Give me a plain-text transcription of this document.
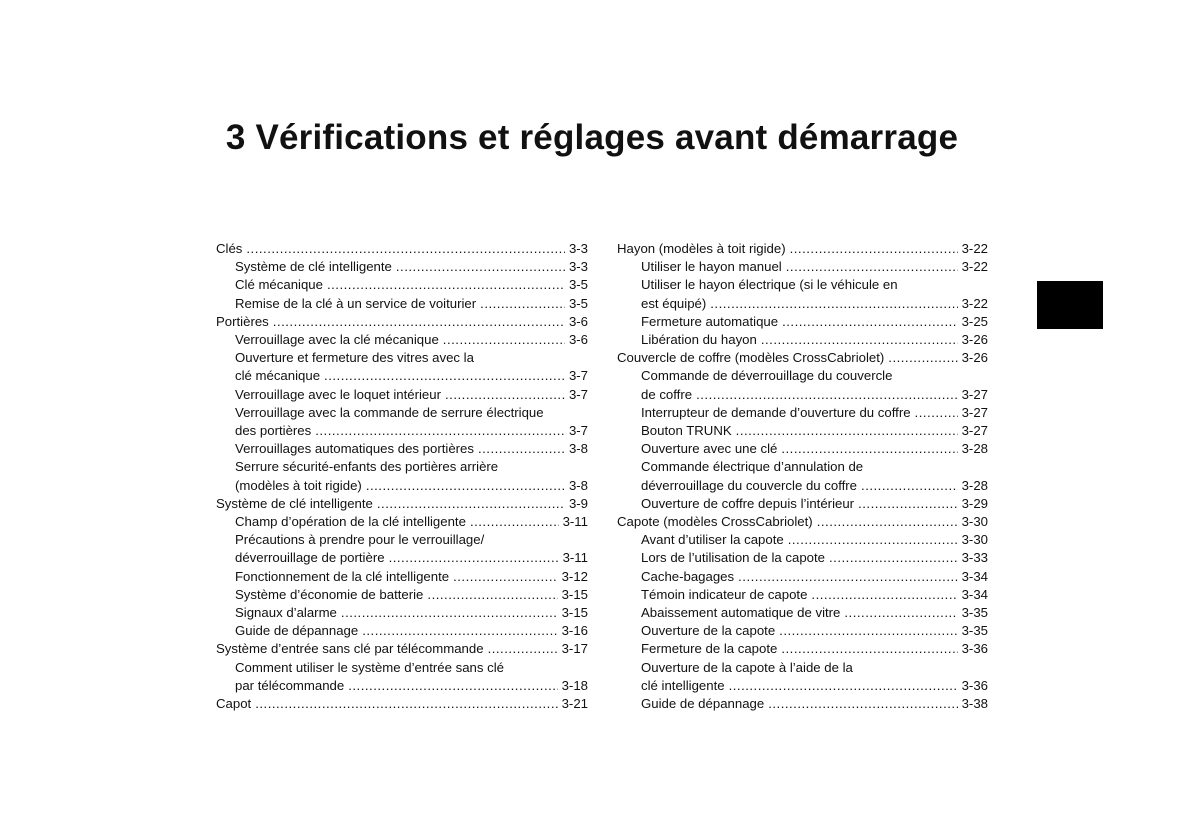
3 Vérifications et réglages avant démarrage
Clés .....	3-3
Système de clé intelligente .....	3-3
Clé mécanique .....	3-5
Remise de la clé à un service de voiturier .....	3-5
Portières .....	3-6
Verrouillage avec la clé mécanique .....	3-6
Ouverture et fermeture des vitres avec la
clé mécanique .....	3-7
Verrouillage avec le loquet intérieur .....	3-7
Verrouillage avec la commande de serrure électrique
des portières .....	3-7
Verrouillages automatiques des portières .....	3-8
Serrure sécurité-enfants des portières arrière
(modèles à toit rigide) .....	3-8
Système de clé intelligente .....	3-9
Champ d’opération de la clé intelligente .....	3-11
Précautions à prendre pour le verrouillage/
déverrouillage de portière .....	3-11
Fonctionnement de la clé intelligente .....	3-12
Système d’économie de batterie .....	3-15
Signaux d’alarme .....	3-15
Guide de dépannage .....	3-16
Système d’entrée sans clé par télécommande .....	3-17
Comment utiliser le système d’entrée sans clé
par télécommande .....	3-18
Capot .....	3-21
Hayon (modèles à toit rigide) .....	3-22
Utiliser le hayon manuel .....	3-22
Utiliser le hayon électrique (si le véhicule en
est équipé) .....	3-22
Fermeture automatique .....	3-25
Libération du hayon .....	3-26
Couvercle de coffre (modèles CrossCabriolet) .....	3-26
Commande de déverrouillage du couvercle
de coffre .....	3-27
Interrupteur de demande d’ouverture du coffre .....	3-27
Bouton TRUNK .....	3-27
Ouverture avec une clé .....	3-28
Commande électrique d’annulation de
déverrouillage du couvercle du coffre .....	3-28
Ouverture de coffre depuis l’intérieur .....	3-29
Capote (modèles CrossCabriolet) .....	3-30
Avant d’utiliser la capote .....	3-30
Lors de l’utilisation de la capote .....	3-33
Cache-bagages .....	3-34
Témoin indicateur de capote .....	3-34
Abaissement automatique de vitre .....	3-35
Ouverture de la capote .....	3-35
Fermeture de la capote .....	3-36
Ouverture de la capote à l’aide de la
clé intelligente .....	3-36
Guide de dépannage .....	3-38
